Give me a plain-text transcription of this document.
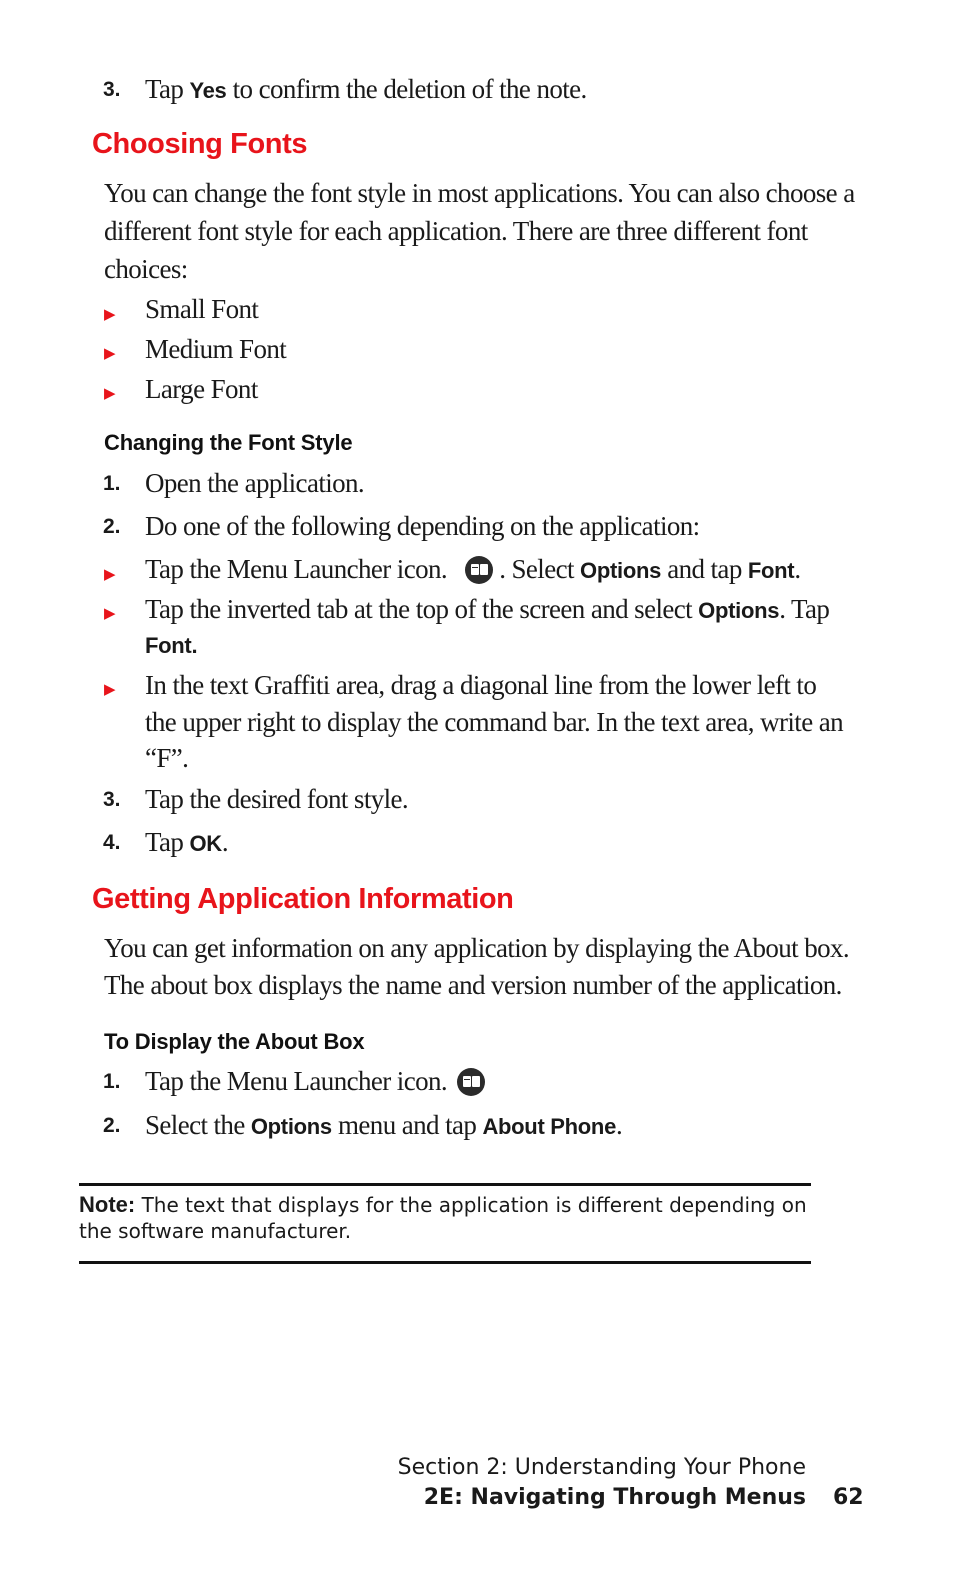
3. Tap Yes to confirm the deletion of the note.
Choosing Fonts
You can change the font style in most applications. You can also choose a
different font style for each application. There are three different font
choices:
▶ Small Font
▶ Medium Font
▶ Large Font
Changing the Font Style
1. Open the application.
2. Do one of the following depending on the application:
▶ Tap the Menu Launcher icon. . Select Options and tap Font.
▶ Tap the inverted tab at the top of the screen and select Options. Tap
Font.
▶ In the text Graffiti area, drag a diagonal line from the lower left to
the upper right to display the command bar. In the text area, write an
“F”.
3. Tap the desired font style.
4. Tap OK.
Getting Application Information
You can get information on any application by displaying the About box.
The about box displays the name and version number of the application.
To Display the About Box
1. Tap the Menu Launcher icon.
2. Select the Options menu and tap About Phone.
Note: The text that displays for the application is different depending on
the software manufacturer.
Section 2: Understanding Your Phone
2E: Navigating Through Menus 62
